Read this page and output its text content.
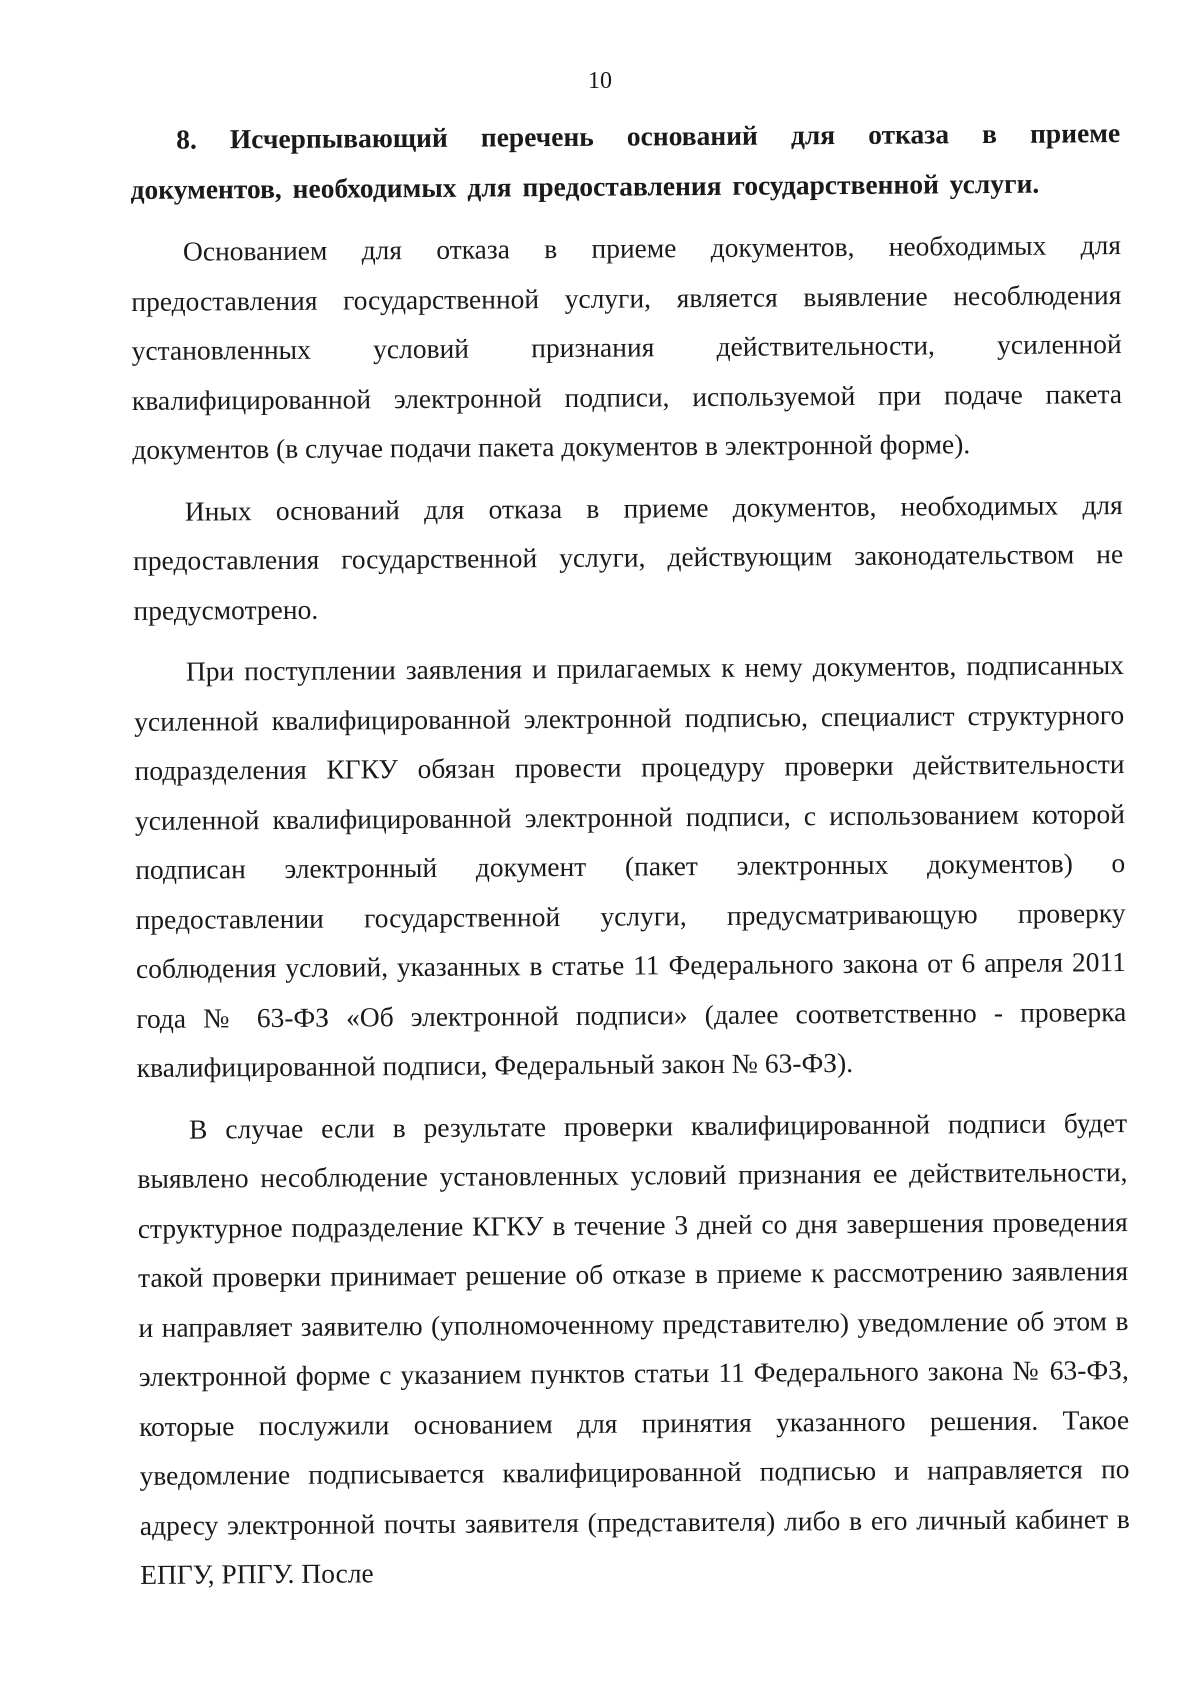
10

8. Исчерпывающий перечень оснований для отказа в приеме документов, необходимых для предоставления государственной услуги.

Основанием для отказа в приеме документов, необходимых для предоставления государственной услуги, является выявление несоблюдения установленных условий признания действительности, усиленной квалифицированной электронной подписи, используемой при подаче пакета документов (в случае подачи пакета документов в электронной форме).

Иных оснований для отказа в приеме документов, необходимых для предоставления государственной услуги, действующим законодательством не предусмотрено.

При поступлении заявления и прилагаемых к нему документов, подписанных усиленной квалифицированной электронной подписью, специалист структурного подразделения КГКУ обязан провести процедуру проверки действительности усиленной квалифицированной электронной подписи, с использованием которой подписан электронный документ (пакет электронных документов) о предоставлении государственной услуги, предусматривающую проверку соблюдения условий, указанных в статье 11 Федерального закона от 6 апреля 2011 года № 63-ФЗ «Об электронной подписи» (далее соответственно - проверка квалифицированной подписи, Федеральный закон № 63-ФЗ).

В случае если в результате проверки квалифицированной подписи будет выявлено несоблюдение установленных условий признания ее действительности, структурное подразделение КГКУ в течение 3 дней со дня завершения проведения такой проверки принимает решение об отказе в приеме к рассмотрению заявления и направляет заявителю (уполномоченному представителю) уведомление об этом в электронной форме с указанием пунктов статьи 11 Федерального закона № 63-ФЗ, которые послужили основанием для принятия указанного решения. Такое уведомление подписывается квалифицированной подписью и направляется по адресу электронной почты заявителя (представителя) либо в его личный кабинет в ЕПГУ, РПГУ. После
